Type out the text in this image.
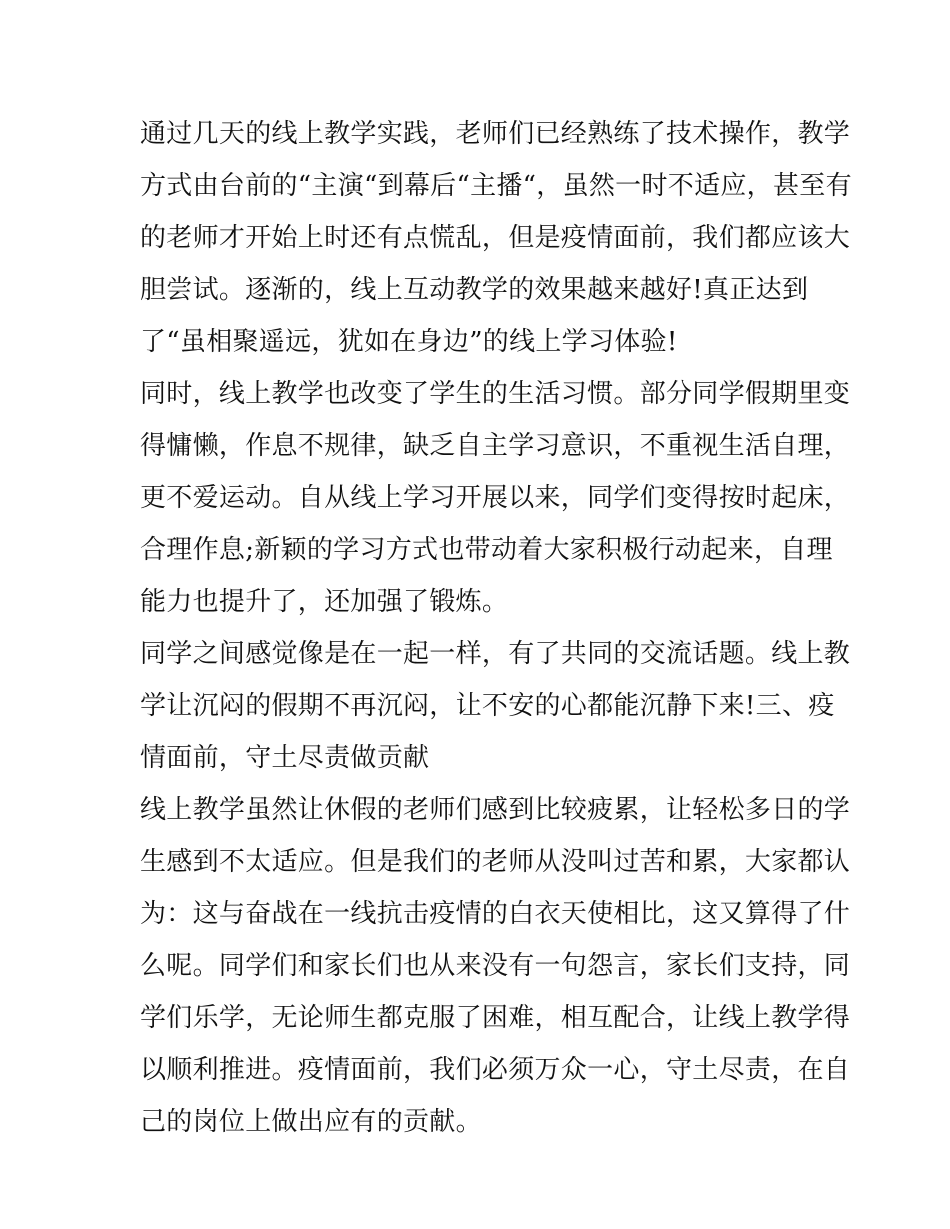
通过几天的线上教学实践，老师们已经熟练了技术操作，教学
方式由台前的“主演“到幕后“主播“，虽然一时不适应，甚至有
的老师才开始上时还有点慌乱，但是疫情面前，我们都应该大
胆尝试。逐渐的，线上互动教学的效果越来越好!真正达到
了“虽相聚遥远，犹如在身边”的线上学习体验!
同时，线上教学也改变了学生的生活习惯。部分同学假期里变
得慵懒，作息不规律，缺乏自主学习意识，不重视生活自理，
更不爱运动。自从线上学习开展以来，同学们变得按时起床，
合理作息;新颖的学习方式也带动着大家积极行动起来，自理
能力也提升了，还加强了锻炼。
同学之间感觉像是在一起一样，有了共同的交流话题。线上教
学让沉闷的假期不再沉闷，让不安的心都能沉静下来!三、疫
情面前，守土尽责做贡献
线上教学虽然让休假的老师们感到比较疲累，让轻松多日的学
生感到不太适应。但是我们的老师从没叫过苦和累，大家都认
为：这与奋战在一线抗击疫情的白衣天使相比，这又算得了什
么呢。同学们和家长们也从来没有一句怨言，家长们支持，同
学们乐学，无论师生都克服了困难，相互配合，让线上教学得
以顺利推进。疫情面前，我们必须万众一心，守土尽责，在自
己的岗位上做出应有的贡献。
